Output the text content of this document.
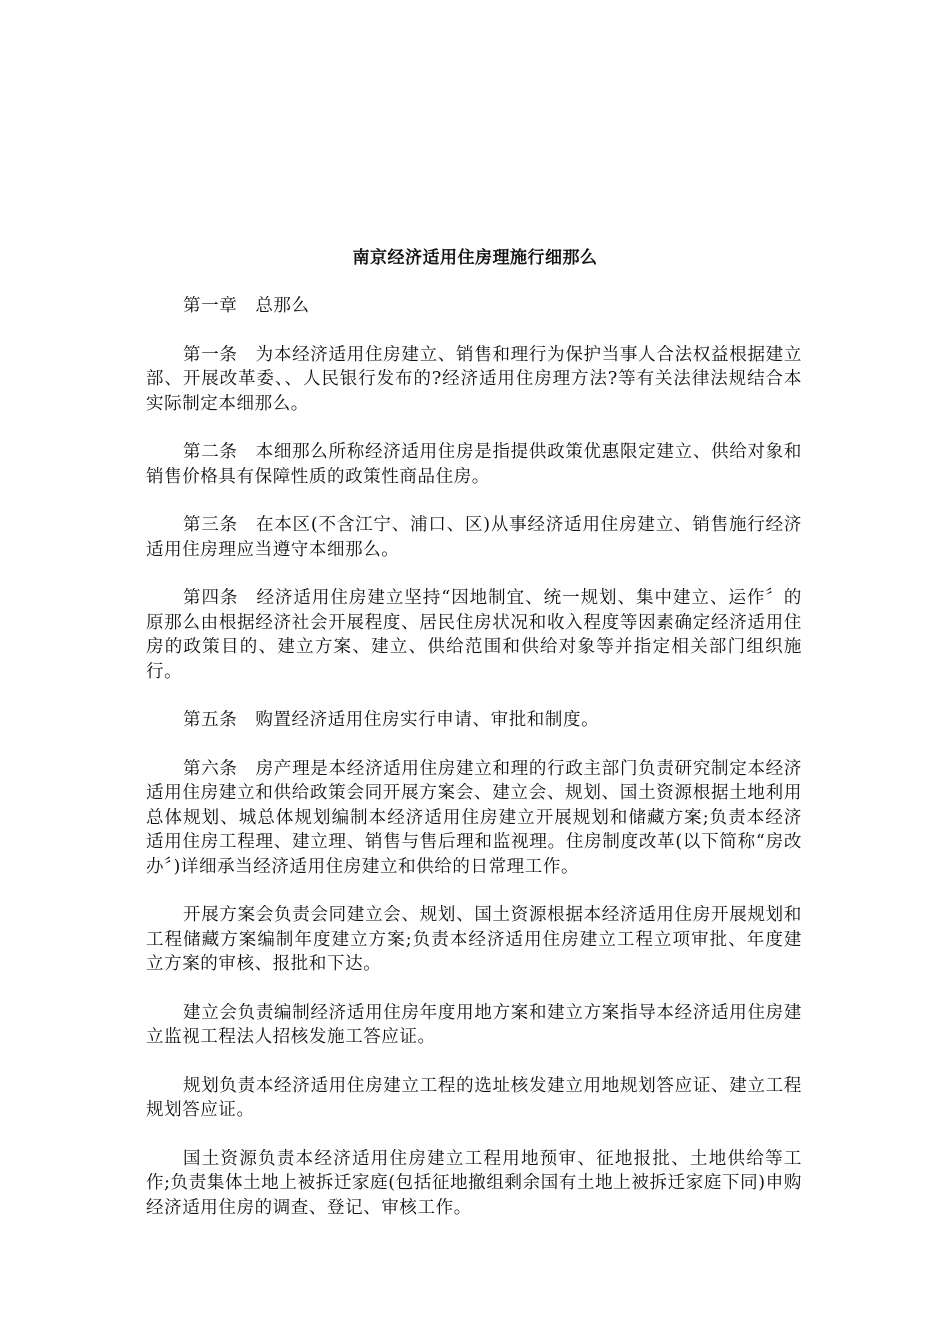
南京经济适用住房理施行细那么

第一章 总那么

第一条 为本经济适用住房建立、销售和理行为保护当事人合法权益根据建立部、开展改革委、、人民银行发布的?经济适用住房理方法?等有关法律法规结合本实际制定本细那么。

第二条 本细那么所称经济适用住房是指提供政策优惠限定建立、供给对象和销售价格具有保障性质的政策性商品住房。

第三条 在本区(不含江宁、浦口、区)从事经济适用住房建立、销售施行经济适用住房理应当遵守本细那么。

第四条 经济适用住房建立坚持“因地制宜、统一规划、集中建立、运作〞的原那么由根据经济社会开展程度、居民住房状况和收入程度等因素确定经济适用住房的政策目的、建立方案、建立、供给范围和供给对象等并指定相关部门组织施行。

第五条 购置经济适用住房实行申请、审批和制度。

第六条 房产理是本经济适用住房建立和理的行政主部门负责研究制定本经济适用住房建立和供给政策会同开展方案会、建立会、规划、国土资源根据土地利用总体规划、城总体规划编制本经济适用住房建立开展规划和储藏方案;负责本经济适用住房工程理、建立理、销售与售后理和监视理。住房制度改革(以下简称“房改办〞)详细承当经济适用住房建立和供给的日常理工作。

开展方案会负责会同建立会、规划、国土资源根据本经济适用住房开展规划和工程储藏方案编制年度建立方案;负责本经济适用住房建立工程立项审批、年度建立方案的审核、报批和下达。

建立会负责编制经济适用住房年度用地方案和建立方案指导本经济适用住房建立监视工程法人招核发施工答应证。

规划负责本经济适用住房建立工程的选址核发建立用地规划答应证、建立工程规划答应证。

国土资源负责本经济适用住房建立工程用地预审、征地报批、土地供给等工作;负责集体土地上被拆迁家庭(包括征地撤组剩余国有土地上被拆迁家庭下同)申购经济适用住房的调查、登记、审核工作。
